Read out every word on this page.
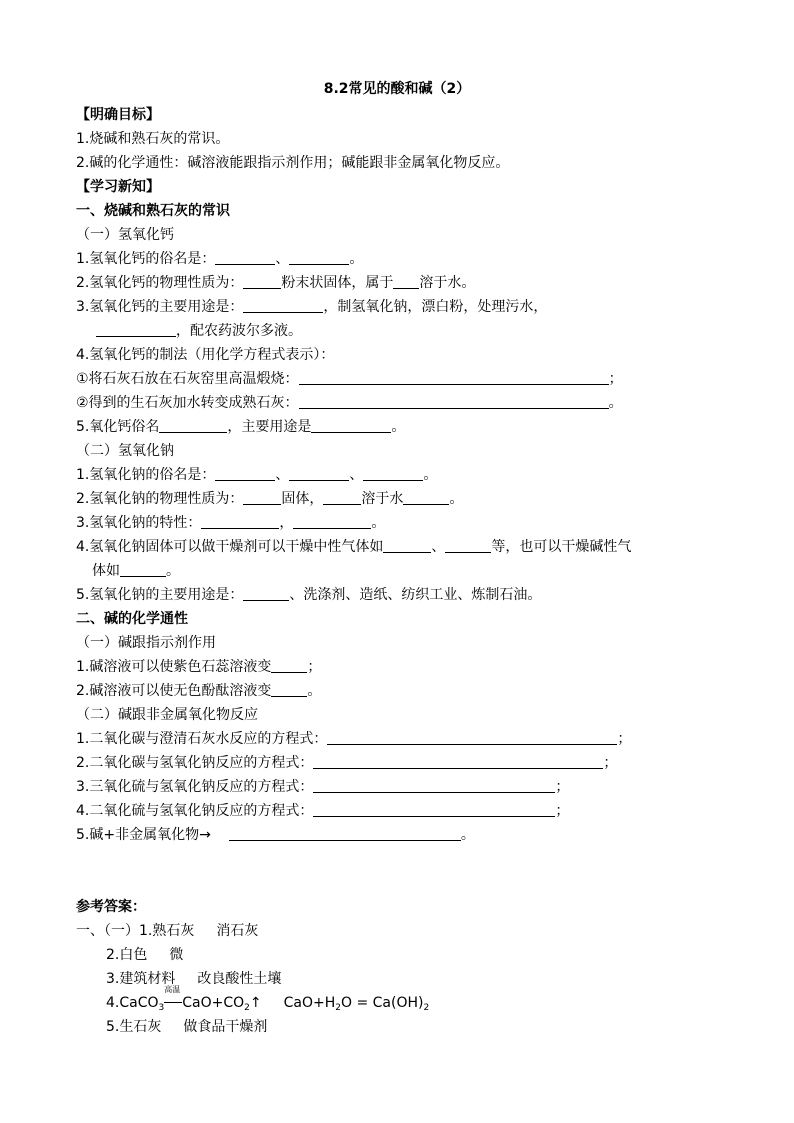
8.2常见的酸和碱（2）
【明确目标】
1.烧碱和熟石灰的常识。
2.碱的化学通性：碱溶液能跟指示剂作用；碱能跟非金属氧化物反应。
【学习新知】
一、烧碱和熟石灰的常识
（一）氢氧化钙
1.氢氧化钙的俗名是：	、	。
2.氢氧化钙的物理性质为：	粉末状固体，属于 溶于水。
3.氢氧化钙的主要用途是：	，制氢氧化钠，漂白粉，处理污水，
，配农药波尔多液。
4.氢氧化钙的制法（用化学方程式表示）：
①将石灰石放在石灰窑里高温煅烧：	；
②得到的生石灰加水转变成熟石灰：	。
5.氧化钙俗名	，主要用途是	。
（二）氢氧化钠
1.氢氧化钠的俗名是：	、	、	。
2.氢氧化钠的物理性质为：	固体，	溶于水	。
3.氢氧化钠的特性：	，	。
4.氢氧化钠固体可以做干燥剂可以干燥中性气体如	、	等，也可以干燥碱性气
体如	。
5.氢氧化钠的主要用途是：	、洗涤剂、造纸、纺织工业、炼制石油。
二、碱的化学通性
（一）碱跟指示剂作用
1.碱溶液可以使紫色石蕊溶液变	；
2.碱溶液可以使无色酚酞溶液变	。
（二）碱跟非金属氧化物反应
1.二氧化碳与澄清石灰水反应的方程式：	；
2.二氧化碳与氢氧化钠反应的方程式：	；
3.三氧化硫与氢氧化钠反应的方程式：	；
4.二氧化硫与氢氧化钠反应的方程式：	；
5.碱+非金属氧化物→	。
参考答案：
一、（一）1.熟石灰 消石灰
2.白色 微
3.建筑材料 改良酸性土壤
4.CaCO$_3$
高温
$CaO+CO_2↑$ $CaO+H_2O = Ca(OH)_2$
5.生石灰 做食品干燥剂
